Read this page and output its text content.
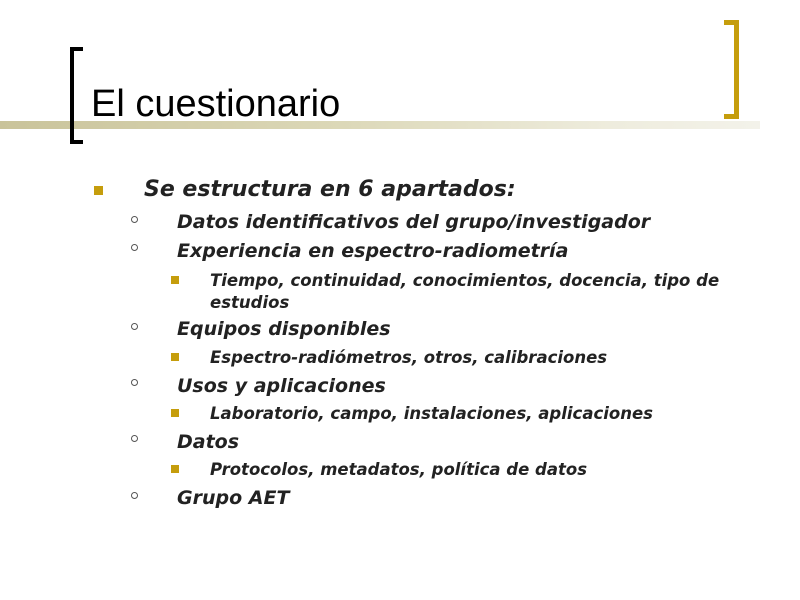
El cuestionario
Se estructura en 6 apartados:
Datos identificativos del grupo/investigador
Experiencia en espectro-radiometría
Tiempo, continuidad, conocimientos, docencia, tipo de estudios
Equipos disponibles
Espectro-radiómetros, otros, calibraciones
Usos y aplicaciones
Laboratorio, campo, instalaciones, aplicaciones
Datos
Protocolos, metadatos, política de datos
Grupo AET
